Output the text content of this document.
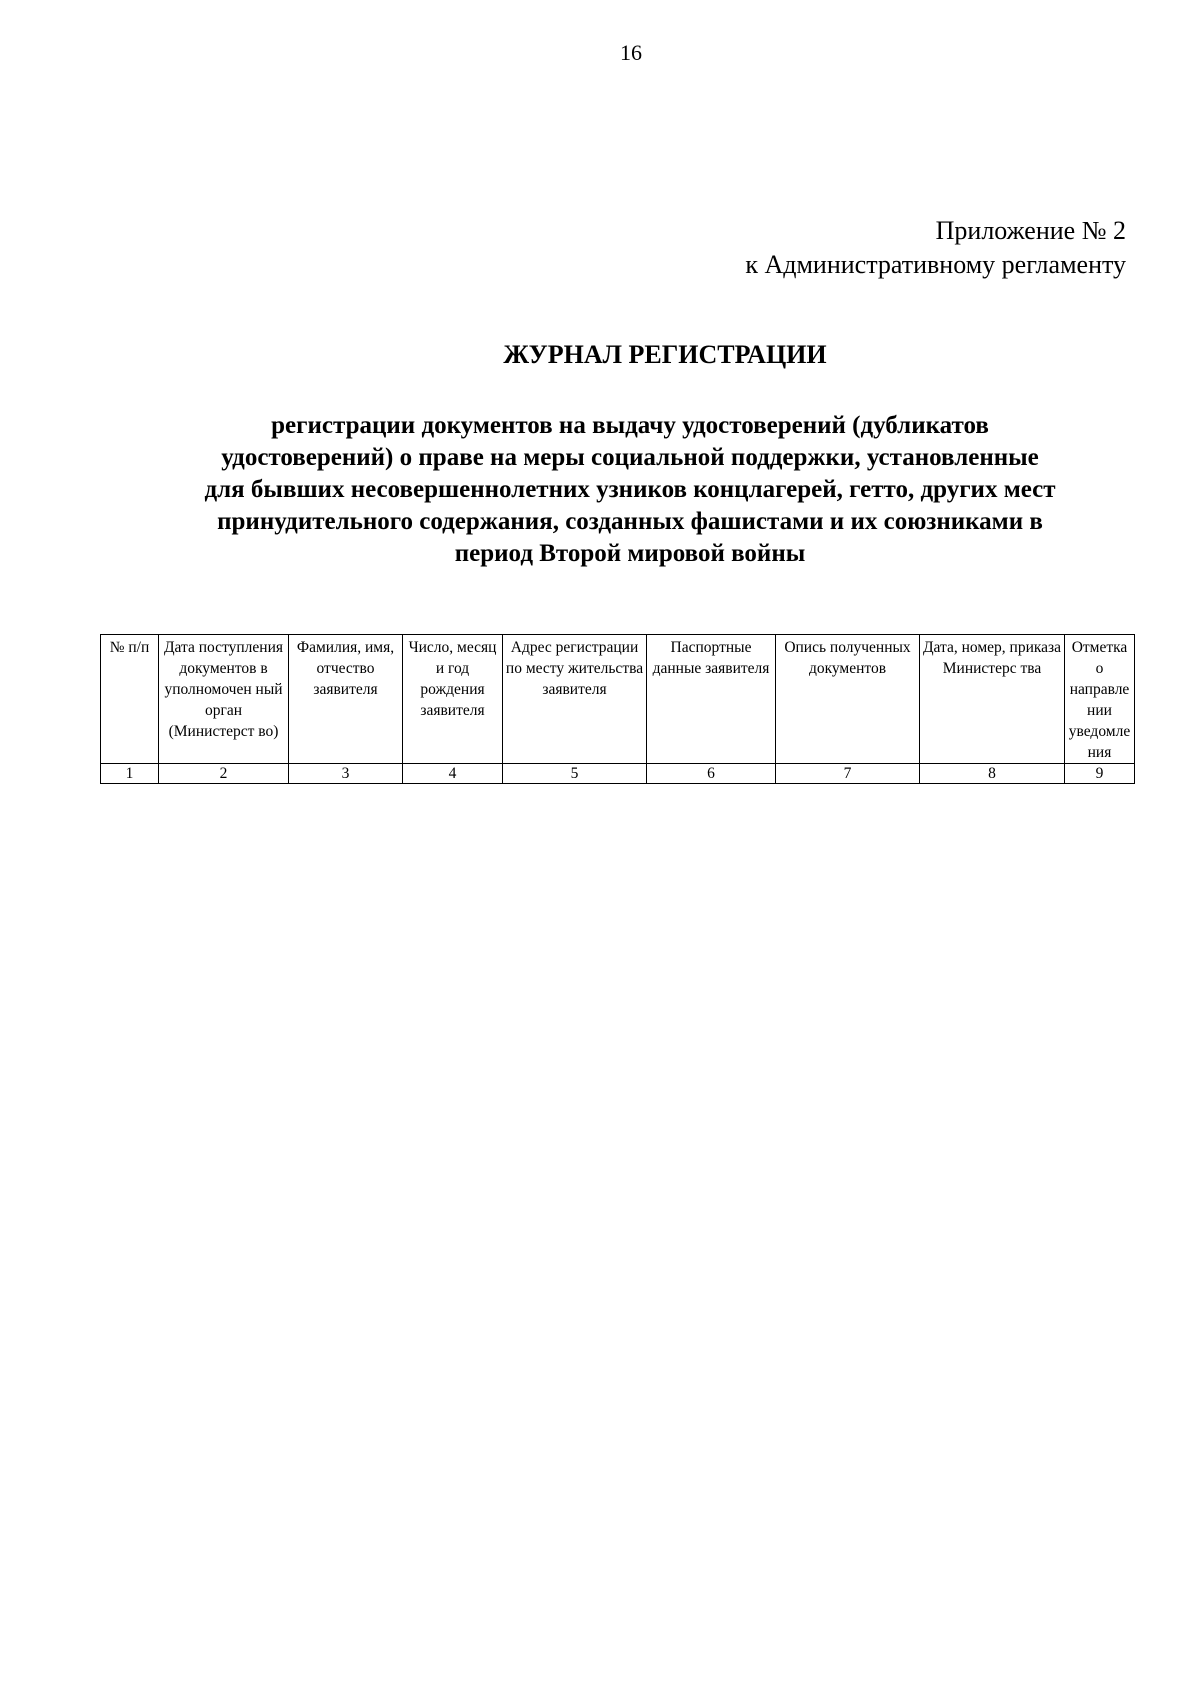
16
Приложение № 2
к Административному регламенту
ЖУРНАЛ РЕГИСТРАЦИИ
регистрации документов на выдачу удостоверений (дубликатов
удостоверений) о праве на меры социальной поддержки, установленные
для бывших несовершеннолетних узников концлагерей, гетто, других мест
принудительного содержания, созданных фашистами и их союзниками в
период Второй мировой войны
№ п/п	Дата поступления документов в уполномочен ный орган (Министерст во)	Фамилия, имя, отчество заявителя	Число, месяц и год рождения заявителя	Адрес регистрации по месту жительства заявителя	Паспортные данные заявителя	Опись полученных документов	Дата, номер, приказа Министерс тва	Отметка о направле нии уведомле ния
1	2	3	4	5	6	7	8	9
